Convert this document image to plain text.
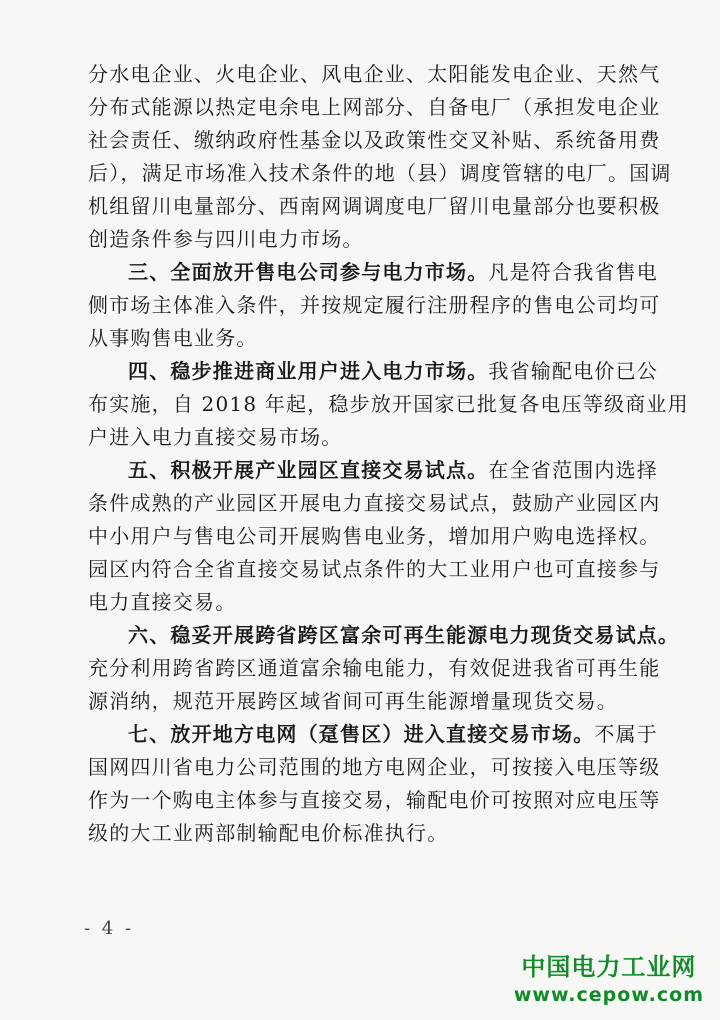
分水电企业、火电企业、风电企业、太阳能发电企业、天然气
分布式能源以热定电余电上网部分、自备电厂（承担发电企业
社会责任、缴纳政府性基金以及政策性交叉补贴、系统备用费
后），满足市场准入技术条件的地（县）调度管辖的电厂。国调
机组留川电量部分、西南网调调度电厂留川电量部分也要积极
创造条件参与四川电力市场。
三、全面放开售电公司参与电力市场。凡是符合我省售电
侧市场主体准入条件，并按规定履行注册程序的售电公司均可
从事购售电业务。
四、稳步推进商业用户进入电力市场。我省输配电价已公
布实施，自 2018 年起，稳步放开国家已批复各电压等级商业用
户进入电力直接交易市场。
五、积极开展产业园区直接交易试点。在全省范围内选择
条件成熟的产业园区开展电力直接交易试点，鼓励产业园区内
中小用户与售电公司开展购售电业务，增加用户购电选择权。
园区内符合全省直接交易试点条件的大工业用户也可直接参与
电力直接交易。
六、稳妥开展跨省跨区富余可再生能源电力现货交易试点。
充分利用跨省跨区通道富余输电能力，有效促进我省可再生能
源消纳，规范开展跨区域省间可再生能源增量现货交易。
七、放开地方电网（趸售区）进入直接交易市场。不属于
国网四川省电力公司范围的地方电网企业，可按接入电压等级
作为一个购电主体参与直接交易，输配电价可按照对应电压等
级的大工业两部制输配电价标准执行。
- 4 -
中国电力工业网
www.cepow.com
